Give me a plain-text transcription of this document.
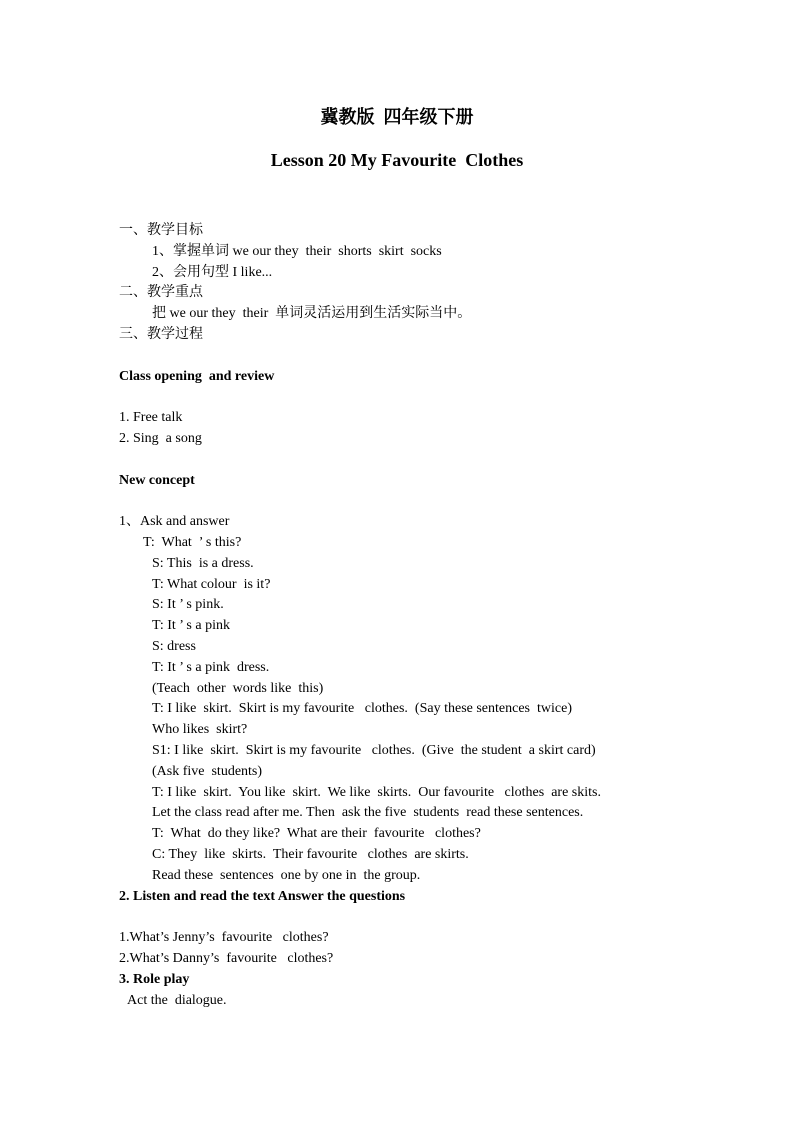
冀教版  四年级下册
Lesson 20 My Favourite  Clothes
一、教学目标
1、掌握单词 we our they  their  shorts  skirt  socks
2、会用句型 I like...
二、教学重点
把 we our they  their  单词灵活运用到生活实际当中。
三、教学过程
Class opening  and review
1. Free talk
2. Sing  a song
New concept
1、Ask and answer
T:  What  ’ s this?
S: This  is a dress.
T: What colour  is it?
S: It ’ s pink.
T: It ’ s a pink
S: dress
T: It ’ s a pink  dress.
(Teach  other  words like  this)
T: I like  skirt.  Skirt is my favourite   clothes.  (Say these sentences  twice)
Who likes  skirt?
S1: I like  skirt.  Skirt is my favourite   clothes.  (Give  the student  a skirt card)
(Ask five  students)
T: I like  skirt.  You like  skirt.  We like  skirts.  Our favourite   clothes  are skits.
Let the class read after me. Then  ask the five  students  read these sentences.
T:  What  do they like?  What are their  favourite   clothes?
C: They  like  skirts.  Their favourite   clothes  are skirts.
Read these  sentences  one by one in  the group.
2. Listen and read the text Answer the questions
1.What’s Jenny’s  favourite   clothes?
2.What’s Danny’s  favourite   clothes?
3. Role play
Act the  dialogue.
